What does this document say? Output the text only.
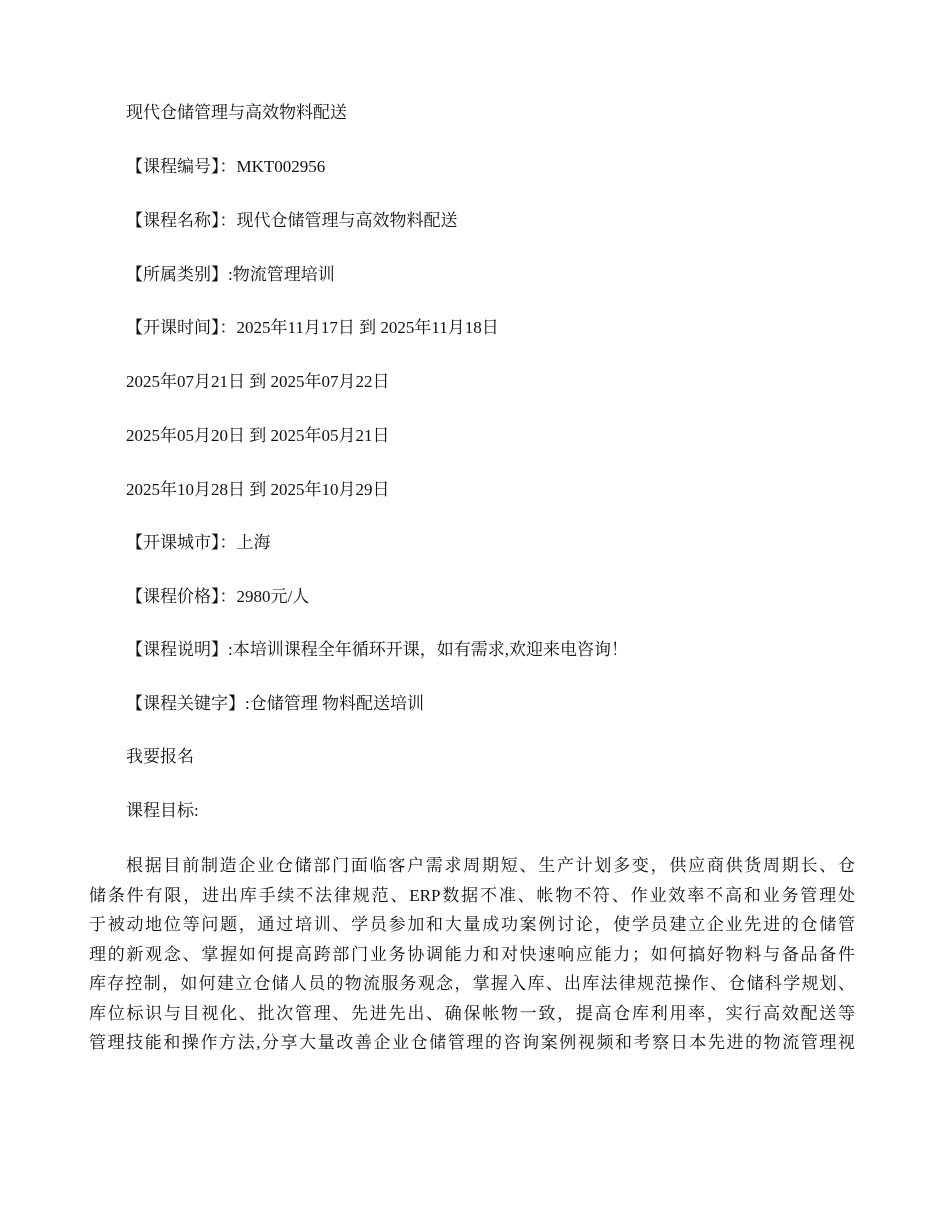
现代仓储管理与高效物料配送
【课程编号】：MKT002956
【课程名称】：现代仓储管理与高效物料配送
【所属类别】:物流管理培训
【开课时间】：2025年11月17日 到 2025年11月18日
2025年07月21日 到 2025年07月22日
2025年05月20日 到 2025年05月21日
2025年10月28日 到 2025年10月29日
【开课城市】：上海
【课程价格】：2980元/人
【课程说明】:本培训课程全年循环开课，如有需求,欢迎来电咨询！
【课程关键字】:仓储管理 物料配送培训
我要报名
课程目标:
根据目前制造企业仓储部门面临客户需求周期短、生产计划多变，供应商供货周期长、仓
储条件有限，进出库手续不法律规范、ERP数据不准、帐物不符、作业效率不高和业务管理处
于被动地位等问题，通过培训、学员参加和大量成功案例讨论，使学员建立企业先进的仓储管
理的新观念、掌握如何提高跨部门业务协调能力和对快速响应能力；如何搞好物料与备品备件
库存控制，如何建立仓储人员的物流服务观念，掌握入库、出库法律规范操作、仓储科学规划、
库位标识与目视化、批次管理、先进先出、确保帐物一致，提高仓库利用率，实行高效配送等
管理技能和操作方法,分享大量改善企业仓储管理的咨询案例视频和考察日本先进的物流管理视
